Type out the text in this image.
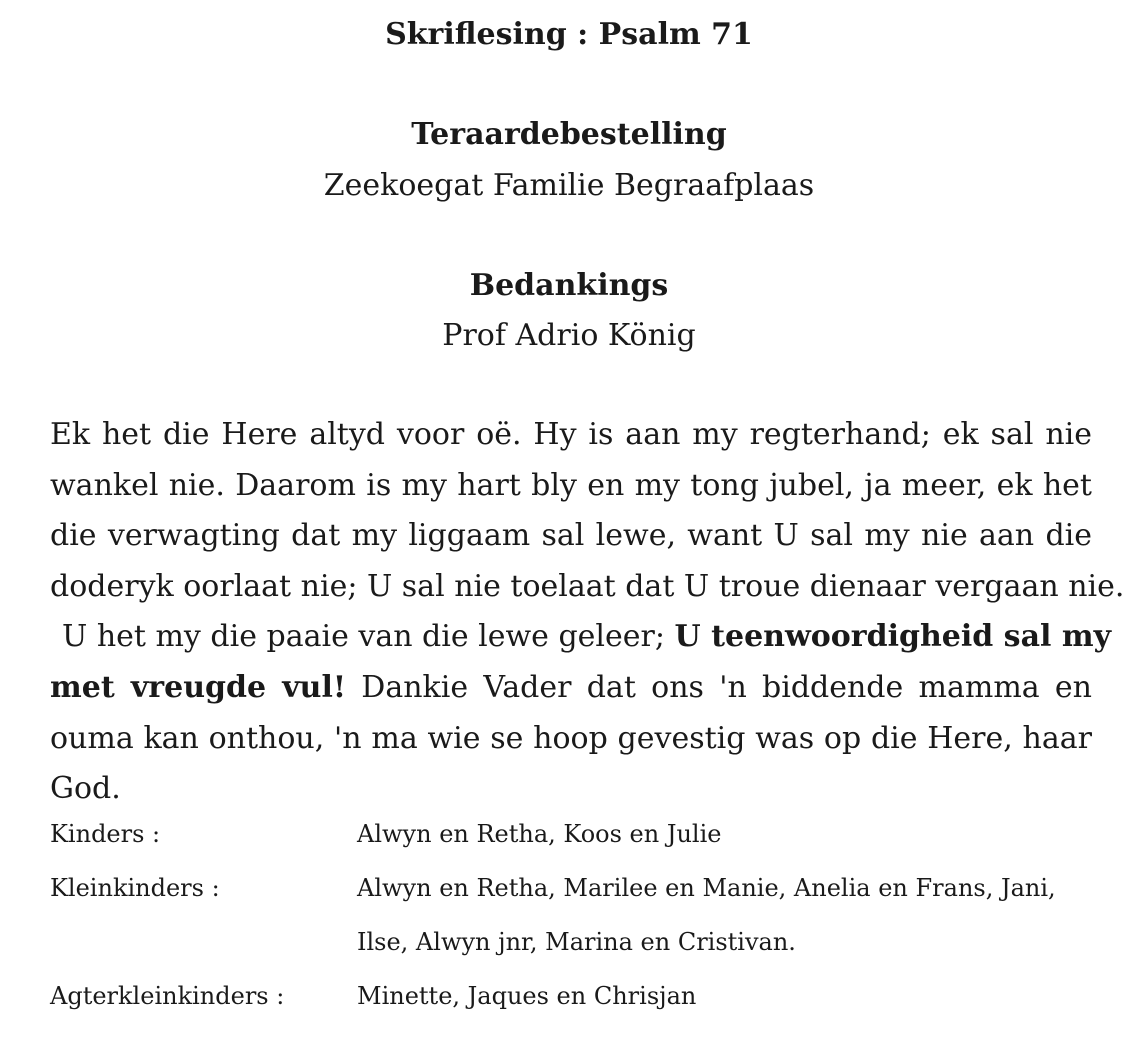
Skriflesing : Psalm 71
Teraardebestelling
Zeekoegat Familie Begraafplaas
Bedankings
Prof Adrio König
Ek het die Here altyd voor oë. Hy is aan my regterhand; ek sal nie
wankel nie. Daarom is my hart bly en my tong jubel, ja meer, ek het
die verwagting dat my liggaam sal lewe, want U sal my nie aan die
doderyk oorlaat nie; U sal nie toelaat dat U troue dienaar vergaan nie.
U het my die paaie van die lewe geleer; U teenwoordigheid sal my
met vreugde vul! Dankie Vader dat ons 'n biddende mamma en
ouma kan onthou, 'n ma wie se hoop gevestig was op die Here, haar
God.
Kinders :	Alwyn en Retha, Koos en Julie
Kleinkinders :	Alwyn en Retha, Marilee en Manie, Anelia en Frans, Jani,
Ilse, Alwyn jnr, Marina en Cristivan.
Agterkleinkinders :	Minette, Jaques en Chrisjan
